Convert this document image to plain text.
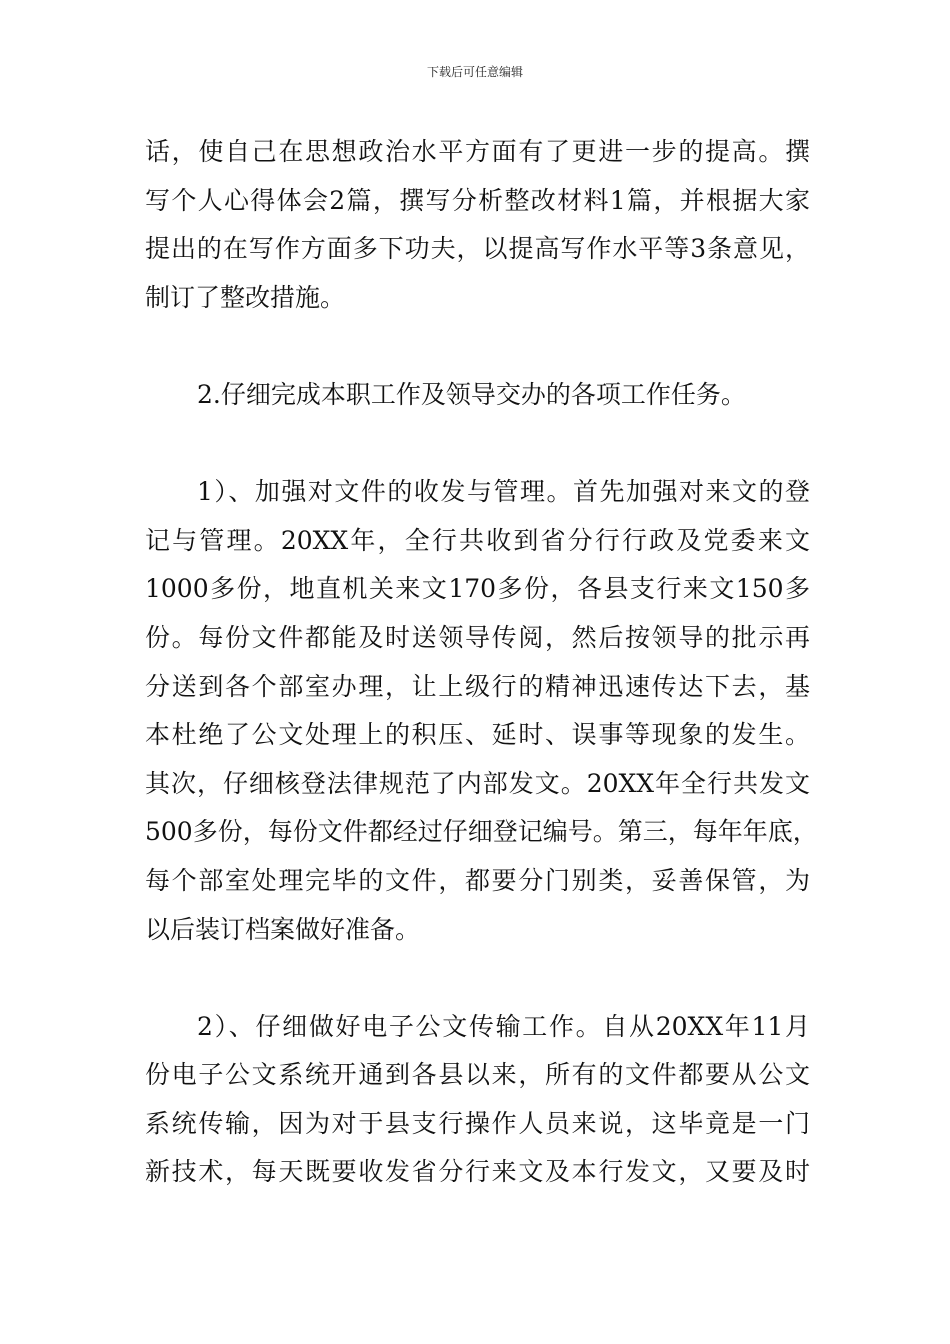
下载后可任意编辑
话，使自己在思想政治水平方面有了更进一步的提高。撰
写个人心得体会2篇，撰写分析整改材料1篇，并根据大家
提出的在写作方面多下功夫，以提高写作水平等3条意见，
制订了整改措施。
2.仔细完成本职工作及领导交办的各项工作任务。
1）、加强对文件的收发与管理。首先加强对来文的登
记与管理。20XX年，全行共收到省分行行政及党委来文
1000多份，地直机关来文170多份，各县支行来文150多
份。每份文件都能及时送领导传阅，然后按领导的批示再
分送到各个部室办理，让上级行的精神迅速传达下去，基
本杜绝了公文处理上的积压、延时、误事等现象的发生。
其次，仔细核登法律规范了内部发文。20XX年全行共发文
500多份，每份文件都经过仔细登记编号。第三，每年年底，
每个部室处理完毕的文件，都要分门别类，妥善保管，为
以后装订档案做好准备。
2）、仔细做好电子公文传输工作。自从20XX年11月
份电子公文系统开通到各县以来，所有的文件都要从公文
系统传输，因为对于县支行操作人员来说，这毕竟是一门
新技术，每天既要收发省分行来文及本行发文，又要及时
